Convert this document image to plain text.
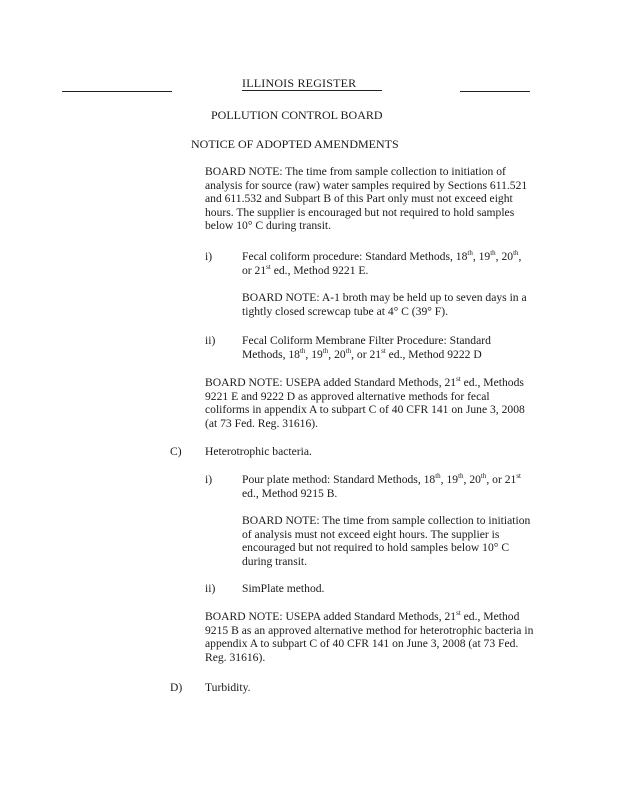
ILLINOIS REGISTER
POLLUTION CONTROL BOARD
NOTICE OF ADOPTED AMENDMENTS

BOARD NOTE: The time from sample collection to initiation of analysis for source (raw) water samples required by Sections 611.521 and 611.532 and Subpart B of this Part only must not exceed eight hours. The supplier is encouraged but not required to hold samples below 10° C during transit.

i)	Fecal coliform procedure: Standard Methods, 18th, 19th, 20th, or 21st ed., Method 9221 E.

BOARD NOTE: A-1 broth may be held up to seven days in a tightly closed screwcap tube at 4° C (39° F).

ii) Fecal Coliform Membrane Filter Procedure: Standard Methods, 18th, 19th, 20th, or 21st ed., Method 9222 D

BOARD NOTE: USEPA added Standard Methods, 21st ed., Methods 9221 E and 9222 D as approved alternative methods for fecal coliforms in appendix A to subpart C of 40 CFR 141 on June 3, 2008 (at 73 Fed. Reg. 31616).

C) Heterotrophic bacteria.
i)	Pour plate method: Standard Methods, 18th, 19th, 20th, or 21st ed., Method 9215 B.

BOARD NOTE: The time from sample collection to initiation of analysis must not exceed eight hours. The supplier is encouraged but not required to hold samples below 10° C during transit.

ii) SimPlate method.

BOARD NOTE: USEPA added Standard Methods, 21st ed., Method 9215 B as an approved alternative method for heterotrophic bacteria in appendix A to subpart C of 40 CFR 141 on June 3, 2008 (at 73 Fed. Reg. 31616).

D) Turbidity.
